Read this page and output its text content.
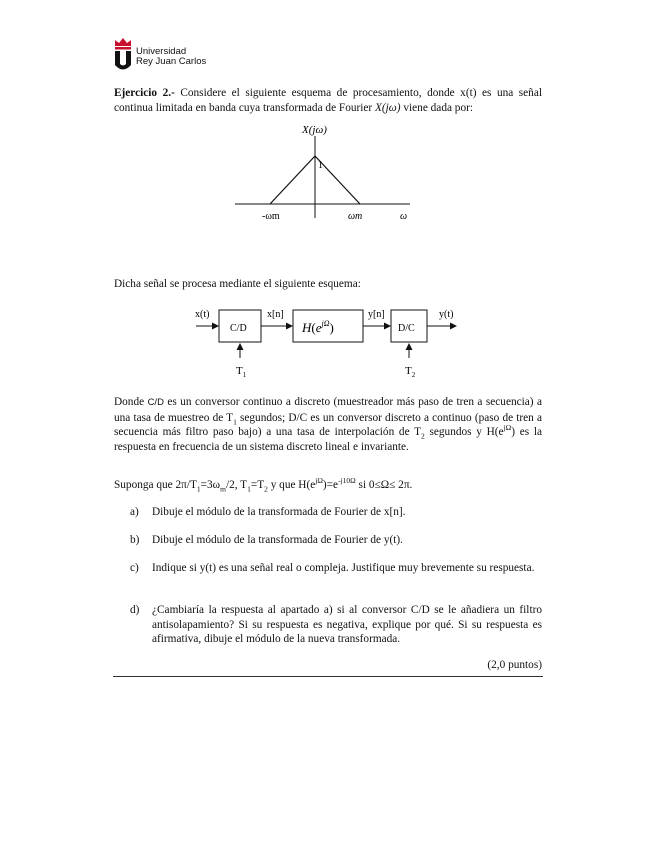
Universidad
Rey Juan Carlos
Ejercicio 2.- Considere el siguiente esquema de procesamiento, donde x(t) es una señal continua limitada en banda cuya transformada de Fourier X(jω) viene dada por:
X(jω)
1
-ωm	ωm	ω
Dicha señal se procesa mediante el siguiente esquema:
x(t)
C/D
x[n]
$H(e^{j\Omega})$
y[n]
D/C
y(t)
$T_1$	$T_2$
Donde C/D es un conversor continuo a discreto (muestreador más paso de tren a secuencia) a una tasa de muestreo de $T_1$ segundos; D/C es un conversor discreto a continuo (paso de tren a secuencia más filtro paso bajo) a una tasa de interpolación de $T_2$ segundos y $H(e^{j\Omega})$ es la respuesta en frecuencia de un sistema discreto lineal e invariante.
Suponga que $2\pi/T_1=3\omega_m/2$, $T_1=T_2$ y que $H(e^{j\Omega})=e^{-j10\Omega}$ si 0≤Ω≤ 2π.
a) Dibuje el módulo de la transformada de Fourier de x[n].
b) Dibuje el módulo de la transformada de Fourier de y(t).
c) Indique si y(t) es una señal real o compleja. Justifique muy brevemente su respuesta.
d) ¿Cambiaría la respuesta al apartado a) si al conversor C/D se le añadiera un filtro antisolapamiento? Si su respuesta es negativa, explique por qué. Si su respuesta es afirmativa, dibuje el módulo de la nueva transformada.
(2,0 puntos)
